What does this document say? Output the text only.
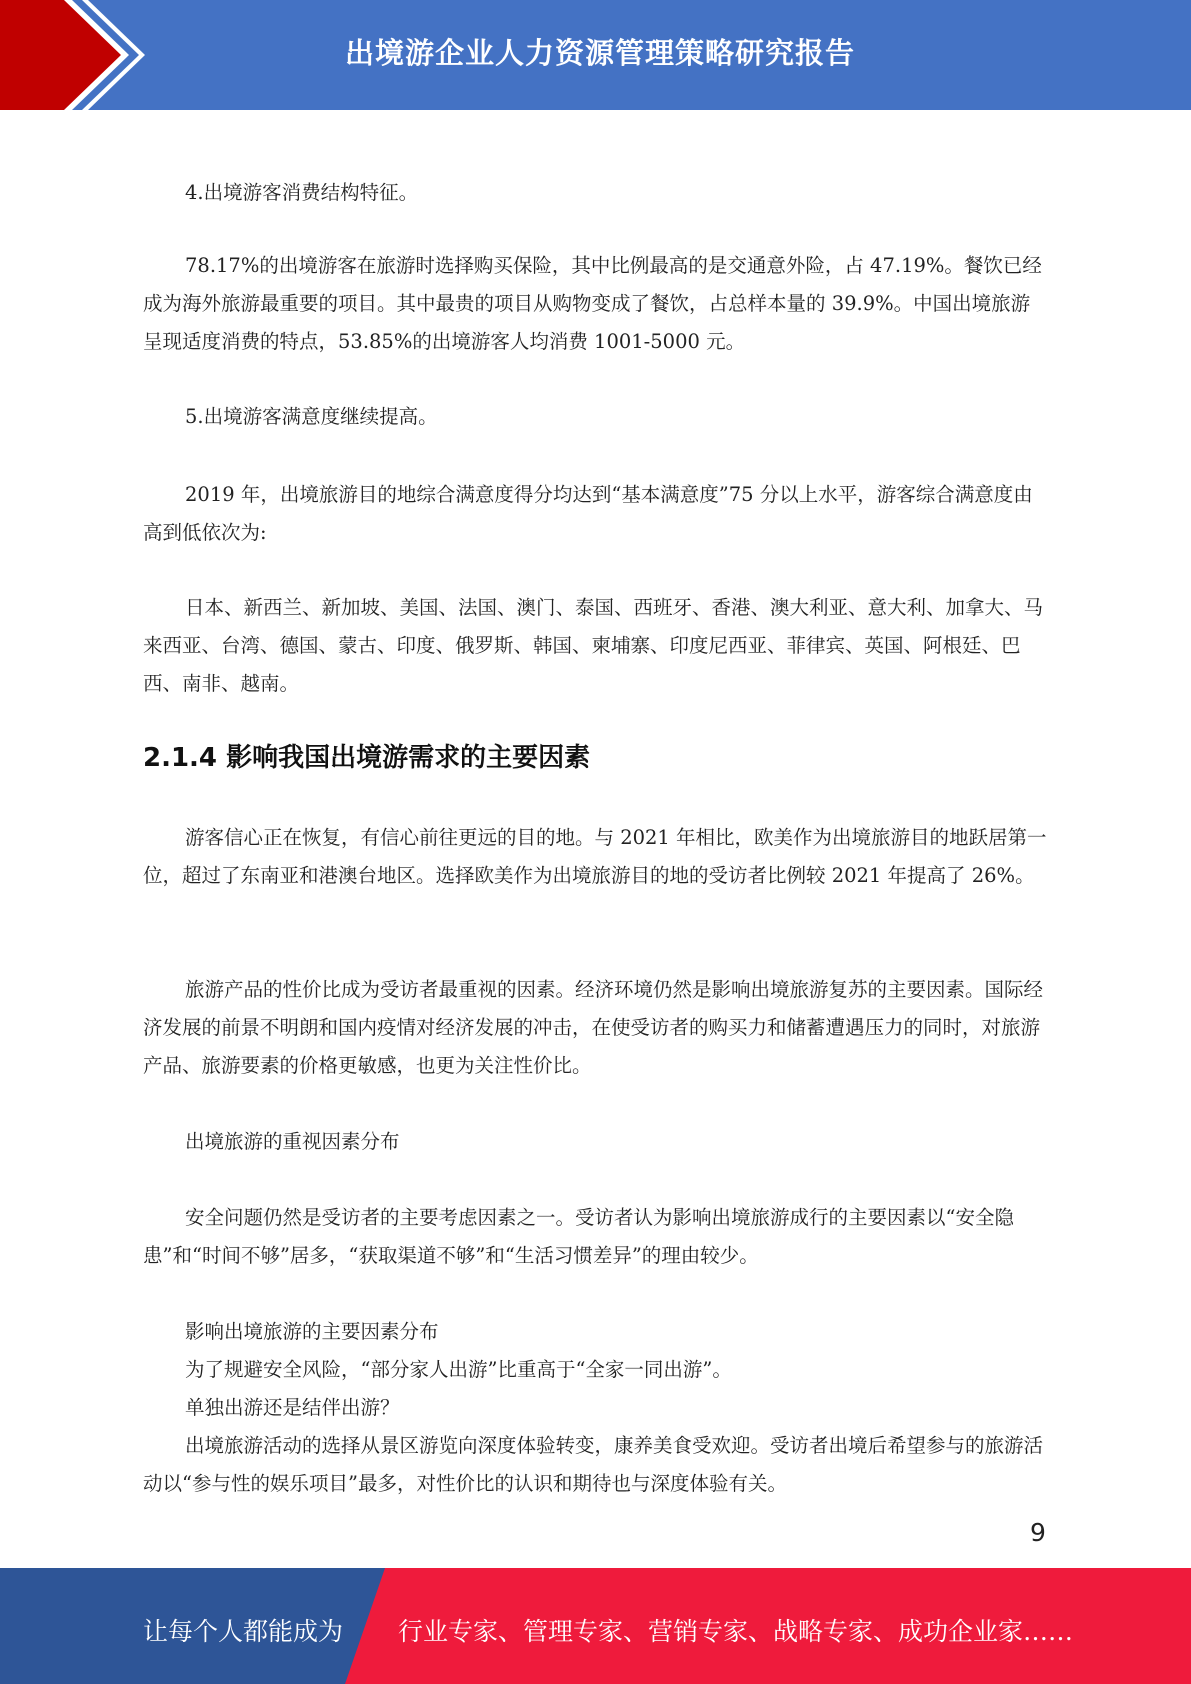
出境游企业人力资源管理策略研究报告

4.出境游客消费结构特征。

78.17%的出境游客在旅游时选择购买保险，其中比例最高的是交通意外险，占 47.19%。餐饮已经成为海外旅游最重要的项目。其中最贵的项目从购物变成了餐饮，占总样本量的 39.9%。中国出境旅游呈现适度消费的特点，53.85%的出境游客人均消费 1001-5000 元。

5.出境游客满意度继续提高。

2019 年，出境旅游目的地综合满意度得分均达到“基本满意度”75 分以上水平，游客综合满意度由高到低依次为:

日本、新西兰、新加坡、美国、法国、澳门、泰国、西班牙、香港、澳大利亚、意大利、加拿大、马来西亚、台湾、德国、蒙古、印度、俄罗斯、韩国、柬埔寨、印度尼西亚、菲律宾、英国、阿根廷、巴西、南非、越南。

2.1.4 影响我国出境游需求的主要因素

游客信心正在恢复，有信心前往更远的目的地。与 2021 年相比，欧美作为出境旅游目的地跃居第一位，超过了东南亚和港澳台地区。选择欧美作为出境旅游目的地的受访者比例较 2021 年提高了 26%。

旅游产品的性价比成为受访者最重视的因素。经济环境仍然是影响出境旅游复苏的主要因素。国际经济发展的前景不明朗和国内疫情对经济发展的冲击，在使受访者的购买力和储蓄遭遇压力的同时，对旅游产品、旅游要素的价格更敏感，也更为关注性价比。

出境旅游的重视因素分布

安全问题仍然是受访者的主要考虑因素之一。受访者认为影响出境旅游成行的主要因素以“安全隐患”和“时间不够”居多，“获取渠道不够”和“生活习惯差异”的理由较少。

影响出境旅游的主要因素分布

为了规避安全风险，“部分家人出游”比重高于“全家一同出游”。

单独出游还是结伴出游？

出境旅游活动的选择从景区游览向深度体验转变，康养美食受欢迎。受访者出境后希望参与的旅游活动以“参与性的娱乐项目”最多，对性价比的认识和期待也与深度体验有关。

9
让每个人都能成为 行业专家、管理专家、营销专家、战略专家、成功企业家……
